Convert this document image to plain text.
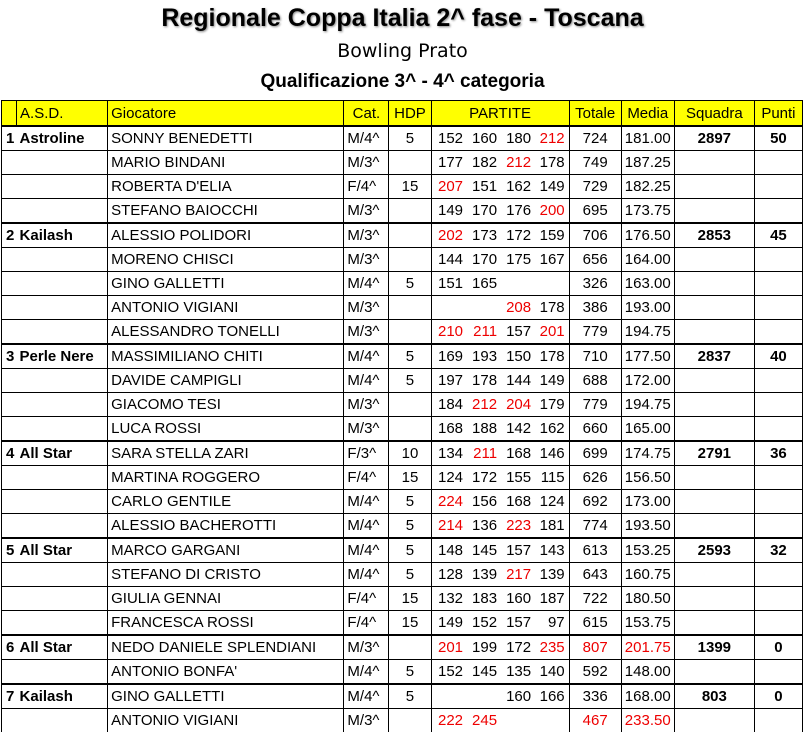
Regionale Coppa Italia 2^ fase - Toscana
Bowling Prato
Qualificazione 3^ - 4^ categoria
	A.S.D.	Giocatore	Cat.	HDP	PARTITE				Totale	Media	Squadra	Punti
1	Astroline	SONNY BENEDETTI	M/4^	5	152	160	180	212	724	181.00	2897	50
		MARIO BINDANI	M/3^		177	182	212	178	749	187.25		
		ROBERTA D'ELIA	F/4^	15	207	151	162	149	729	182.25		
		STEFANO BAIOCCHI	M/3^		149	170	176	200	695	173.75		
2	Kailash	ALESSIO POLIDORI	M/3^		202	173	172	159	706	176.50	2853	45
		MORENO CHISCI	M/3^		144	170	175	167	656	164.00		
		GINO GALLETTI	M/4^	5	151	165			326	163.00		
		ANTONIO VIGIANI	M/3^				208	178	386	193.00		
		ALESSANDRO TONELLI	M/3^		210	211	157	201	779	194.75		
3	Perle Nere	MASSIMILIANO CHITI	M/4^	5	169	193	150	178	710	177.50	2837	40
		DAVIDE CAMPIGLI	M/4^	5	197	178	144	149	688	172.00		
		GIACOMO TESI	M/3^		184	212	204	179	779	194.75		
		LUCA ROSSI	M/3^		168	188	142	162	660	165.00		
4	All Star	SARA STELLA ZARI	F/3^	10	134	211	168	146	699	174.75	2791	36
		MARTINA ROGGERO	F/4^	15	124	172	155	115	626	156.50		
		CARLO GENTILE	M/4^	5	224	156	168	124	692	173.00		
		ALESSIO BACHEROTTI	M/4^	5	214	136	223	181	774	193.50		
5	All Star	MARCO GARGANI	M/4^	5	148	145	157	143	613	153.25	2593	32
		STEFANO DI CRISTO	M/4^	5	128	139	217	139	643	160.75		
		GIULIA GENNAI	F/4^	15	132	183	160	187	722	180.50		
		FRANCESCA ROSSI	F/4^	15	149	152	157	97	615	153.75		
6	All Star	NEDO DANIELE SPLENDIANI	M/3^		201	199	172	235	807	201.75	1399	0
		ANTONIO BONFA'	M/4^	5	152	145	135	140	592	148.00		
7	Kailash	GINO GALLETTI	M/4^	5			160	166	336	168.00	803	0
		ANTONIO VIGIANI	M/3^		222	245			467	233.50		
